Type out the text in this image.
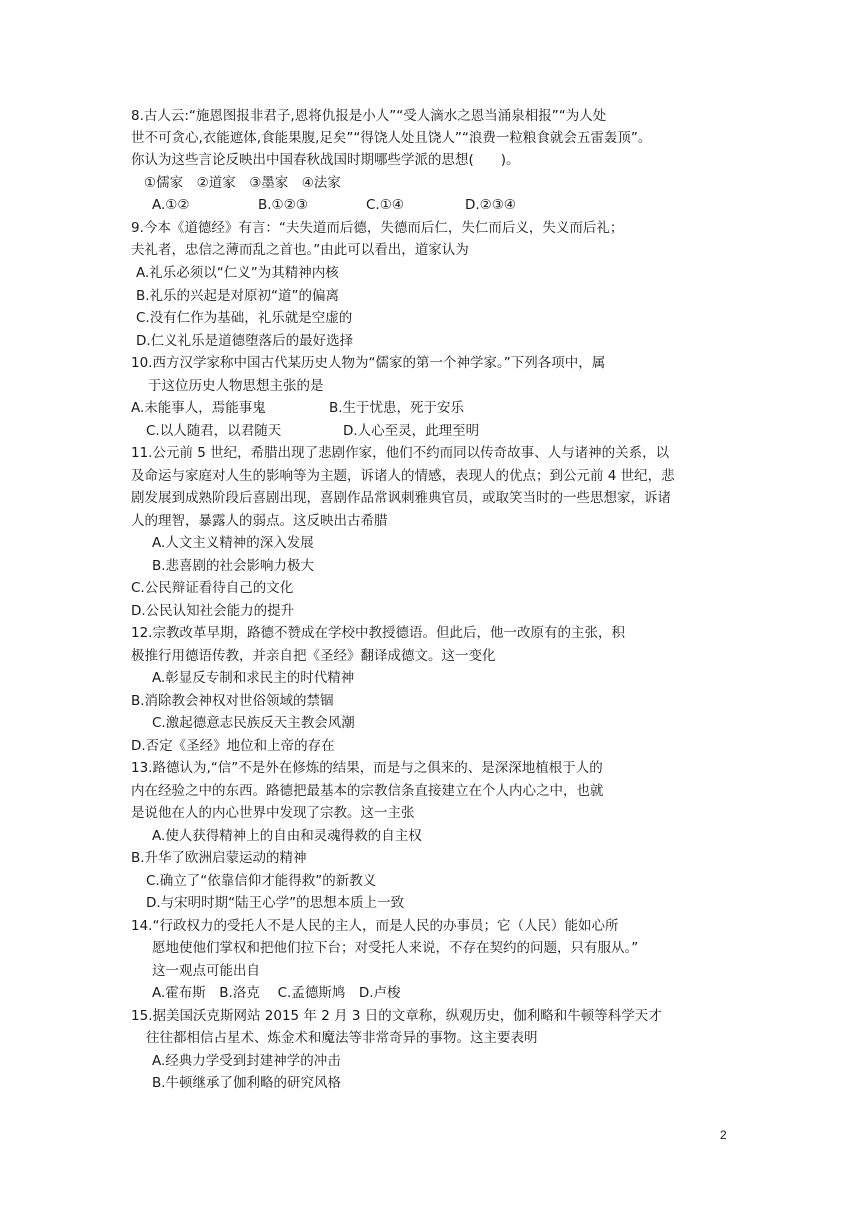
8.古人云:“施恩图报非君子,恩将仇报是小人”“受人滴水之恩当涌泉相报”“为人处
世不可贪心,衣能遮体,食能果腹,足矣”“得饶人处且饶人”“浪费一粒粮食就会五雷轰顶”。
你认为这些言论反映出中国春秋战国时期哪些学派的思想(　　)。
①儒家　②道家　③墨家　④法家
A.①②	B.①②③	C.①④	D.②③④
9.今本《道德经》有言：“夫失道而后德，失德而后仁，失仁而后义，失义而后礼；
夫礼者，忠信之薄而乱之首也。”由此可以看出，道家认为
A.礼乐必须以“仁义”为其精神内核
B.礼乐的兴起是对原初“道”的偏离
C.没有仁作为基础，礼乐就是空虚的
D.仁义礼乐是道德堕落后的最好选择
10.西方汉学家称中国古代某历史人物为“儒家的第一个神学家。”下列各项中，属
于这位历史人物思想主张的是
A.未能事人，焉能事鬼	B.生于忧患，死于安乐
C.以人随君，以君随天	D.人心至灵，此理至明
11.公元前 5 世纪，希腊出现了悲剧作家，他们不约而同以传奇故事、人与诸神的关系，以
及命运与家庭对人生的影响等为主题，诉诸人的情感，表现人的优点；到公元前 4 世纪，悲
剧发展到成熟阶段后喜剧出现，喜剧作品常讽刺雅典官员，或取笑当时的一些思想家，诉诸
人的理智，暴露人的弱点。这反映出古希腊
A.人文主义精神的深入发展
B.悲喜剧的社会影响力极大
C.公民辩证看待自己的文化
D.公民认知社会能力的提升
12.宗教改革早期，路德不赞成在学校中教授德语。但此后，他一改原有的主张，积
极推行用德语传教，并亲自把《圣经》翻译成德文。这一变化
A.彰显反专制和求民主的时代精神
B.消除教会神权对世俗领域的禁锢
C.激起德意志民族反天主教会风潮
D.否定《圣经》地位和上帝的存在
13.路德认为,“信”不是外在修炼的结果，而是与之俱来的、是深深地植根于人的
内在经验之中的东西。路德把最基本的宗教信条直接建立在个人内心之中，也就
是说他在人的内心世界中发现了宗教。这一主张
A.使人获得精神上的自由和灵魂得救的自主权
B.升华了欧洲启蒙运动的精神
C.确立了“依靠信仰才能得救”的新教义
D.与宋明时期“陆王心学”的思想本质上一致
14.“行政权力的受托人不是人民的主人，而是人民的办事员；它（人民）能如心所
愿地使他们掌权和把他们拉下台；对受托人来说，不存在契约的问题，只有服从。”
这一观点可能出自
A.霍布斯　B.洛克　 C.孟德斯鸠　D.卢梭
15.据美国沃克斯网站 2015 年 2 月 3 日的文章称，纵观历史，伽利略和牛顿等科学天才
往往都相信占星术、炼金术和魔法等非常奇异的事物。这主要表明
A.经典力学受到封建神学的冲击
B.牛顿继承了伽利略的研究风格
2
